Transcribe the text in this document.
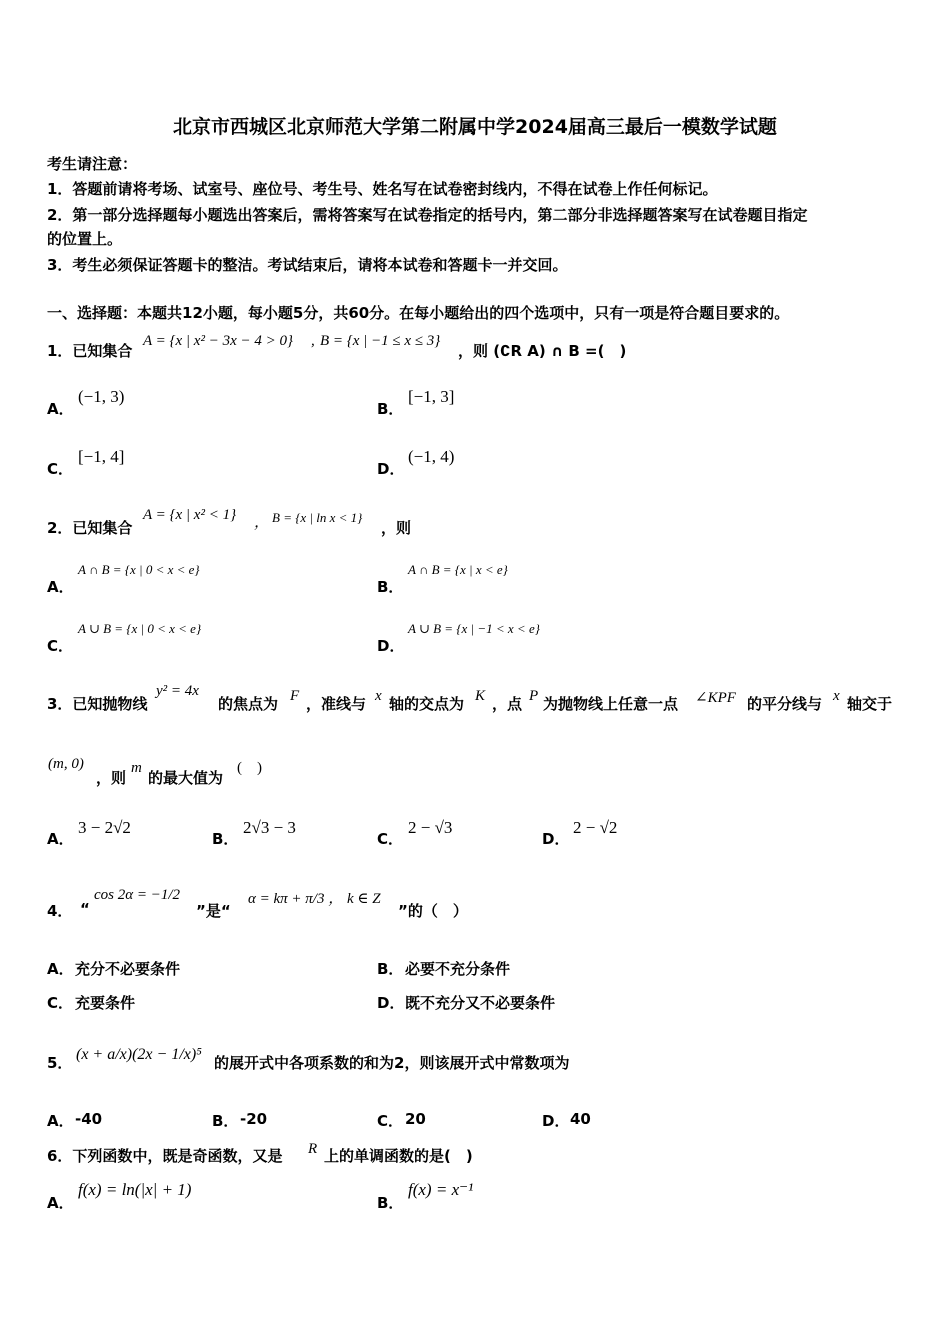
北京市西城区北京师范大学第二附属中学2024届高三最后一模数学试题
考生请注意：
1．答题前请将考场、试室号、座位号、考生号、姓名写在试卷密封线内，不得在试卷上作任何标记。
2．第一部分选择题每小题选出答案后，需将答案写在试卷指定的括号内，第二部分非选择题答案写在试卷题目指定
的位置上。
3．考生必须保证答题卡的整洁。考试结束后，请将本试卷和答题卡一并交回。
一、选择题：本题共12小题，每小题5分，共60分。在每小题给出的四个选项中，只有一项是符合题目要求的。
1．已知集合
A = {x | x² − 3x − 4 > 0} , B = {x | −1 ≤ x ≤ 3}
，则 (∁R A) ∩ B =(　)
A．
(−1, 3)
B．
[−1, 3]
C．
[−1, 4]
D．
(−1, 4)
2．已知集合
A = {x | x² < 1} ， B = {x | ln x < 1}
，则
A．
A ∩ B = {x | 0 < x < e}
B．
A ∩ B = {x | x < e}
C．
A ∪ B = {x | 0 < x < e}
D．
A ∪ B = {x | −1 < x < e}
3．已知抛物线
y² = 4x
的焦点为 F ，准线与 x 轴的交点为 K ，点 P 为抛物线上任意一点 ∠KPF 的平分线与 x 轴交于
(m, 0)
，则
m
的最大值为
(　)
A．
3 − 2√2
B．
2√3 − 3
C．
2 − √3
D．
2 − √2
4． “
cos 2α = −1/2
”是“
α = kπ + π/3 ， k ∈ Z
”的（　）
A． 充分不必要条件	B． 必要不充分条件
C． 充要条件	D． 既不充分又不必要条件
5． (x + a/x)(2x − 1/x)⁵ 的展开式中各项系数的和为2，则该展开式中常数项为
A． -40	B． -20	C． 20	D． 40
6．下列函数中，既是奇函数，又是 R 上的单调函数的是(　)
A．
f(x) = ln(|x| + 1)
B．
f(x) = x⁻¹
